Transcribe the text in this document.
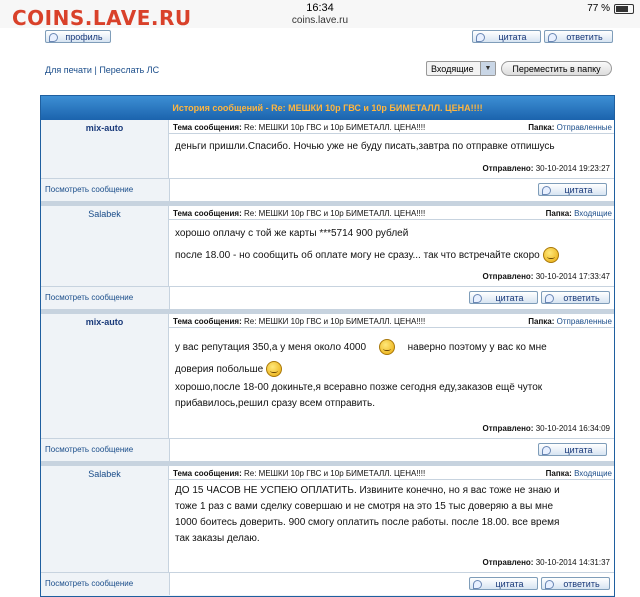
16:34
coins.lave.ru
77 %
COINS.LAVE.RU
профиль	цитата	ответить
Для печати | Переслать ЛС	Входящие	▼	Переместить в папку
История сообщений - Re: МЕШКИ 10р ГВС и 10р БИМЕТАЛЛ. ЦЕНА!!!!
mix-auto	Тема сообщения: Re: МЕШКИ 10р ГВС и 10р БИМЕТАЛЛ. ЦЕНА!!!!	Папка: Отправленные
деньги пришли.Спасибо. Ночью уже не буду писать,завтра по отправке отпишусь
Отправлено: 30-10-2014 19:23:27
Посмотреть сообщение	цитата
Salabek	Тема сообщения: Re: МЕШКИ 10р ГВС и 10р БИМЕТАЛЛ. ЦЕНА!!!!	Папка: Входящие
хорошо оплачу с той же карты ***5714 900 рублей
после 18.00 - но сообщить об оплате могу не сразу... так что встречайте скоро
Отправлено: 30-10-2014 17:33:47
Посмотреть сообщение	цитата	ответить
mix-auto	Тема сообщения: Re: МЕШКИ 10р ГВС и 10р БИМЕТАЛЛ. ЦЕНА!!!!	Папка: Отправленные
у вас репутация 350,а у меня около 4000	наверно поэтому у вас ко мне
доверия побольше
хорошо,после 18-00 докиньте,я всеравно позже сегодня еду,заказов ещё чуток
прибавилось,решил сразу всем отправить.
Отправлено: 30-10-2014 16:34:09
Посмотреть сообщение	цитата
Salabek	Тема сообщения: Re: МЕШКИ 10р ГВС и 10р БИМЕТАЛЛ. ЦЕНА!!!!	Папка: Входящие
ДО 15 ЧАСОВ НЕ УСПЕЮ ОПЛАТИТЬ. Извините конечно, но я вас тоже не знаю и
тоже 1 раз с вами сделку совершаю и не смотря на это 15 тыс доверяю а вы мне
1000 боитесь доверить. 900 смогу оплатить после работы. после 18.00. все время
так заказы делаю.
Отправлено: 30-10-2014 14:31:37
Посмотреть сообщение	цитата	ответить
